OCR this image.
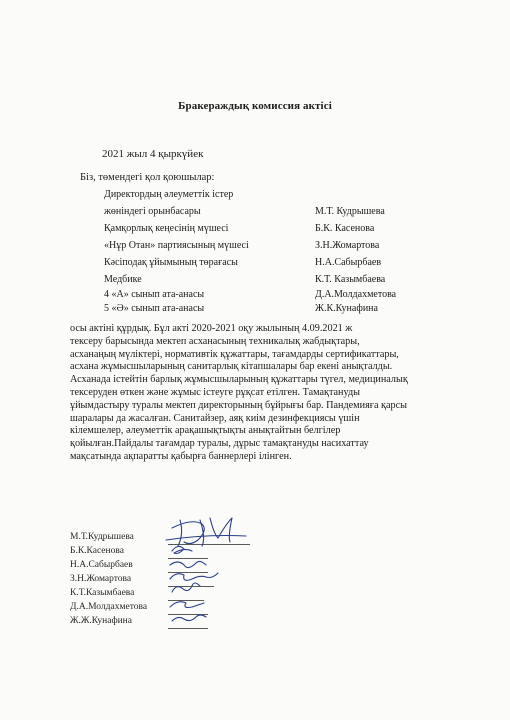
Бракераждық комиссия актісі
2021 жыл 4 қыркүйек
Біз, төмендегі қол қоюшылар:
Директордың әлеуметтік істер
жөніндегі орынбасары	М.Т. Кудрышева
Қамқорлық кеңесінің мүшесі	Б.К. Касенова
«Нұр Отан» партиясының мүшесі	З.Н.Жомартова
Кәсіподақ ұйымының төрағасы	Н.А.Сабырбаев
Медбике	К.Т. Казымбаева
4 «А» сынып ата-анасы	Д.А.Молдахметова
5 «Ә» сынып ата-анасы	Ж.К.Кунафина

осы актіні құрдық. Бұл акті 2020-2021 оқу жылының 4.09.2021 ж

тексеру барысында мектеп асханасының техникалық жабдықтары,

асханаңың мүліктері, нормативтік құжаттары, тағамдарды сертификаттары,

асхана жұмысшыларының санитарлық кітапшалары бар екені анықталды.

Асханада істейтін барлық жұмысшыларының құжаттары түгел, медициналық

тексеруден өткен және жұмыс істеуге рұқсат етілген. Тамақтануды

ұйымдастыру туралы мектеп директорының бұйрығы бар. Пандемияға қарсы

шаралары да жасалған. Санитайзер, аяқ киім дезинфекциясы үшін

кілемшелер, әлеуметтік арақашықтықты анықтайтын белгілер

қойылған.Пайдалы тағамдар туралы, дұрыс тамақтануды насихаттау

мақсатында ақпаратты қабырға баннерлері ілінген.

М.Т.Кудрышева
Б.К.Касенова
Н.А.Сабырбаев
З.Н.Жомартова
К.Т.Казымбаева
Д.А.Молдахметова
Ж.Ж.Кунафина
